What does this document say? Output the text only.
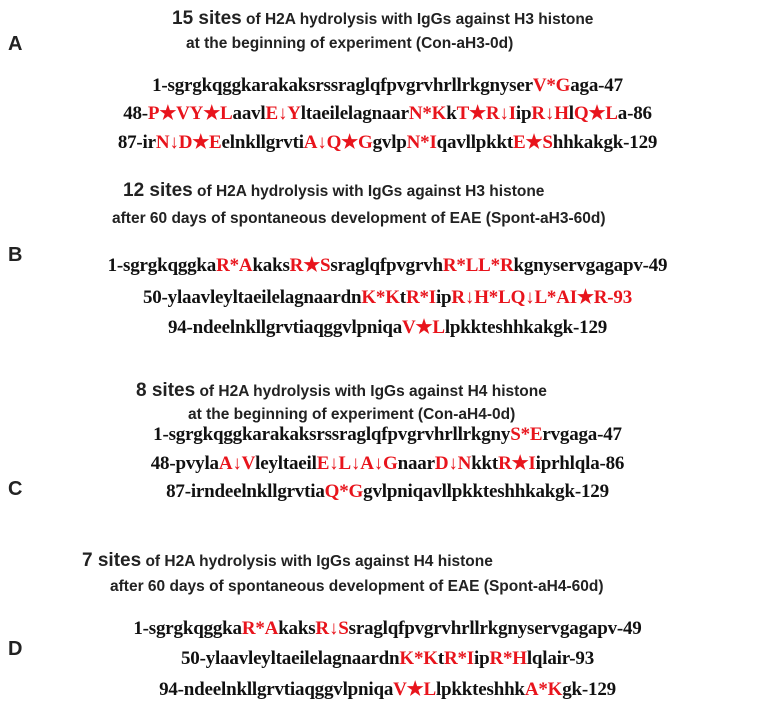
A
15 sites of H2A hydrolysis with IgGs against H3 histone
at the beginning of experiment (Con-aH3-0d)
1-sgrgkqggkarakaksrssraglqfpvgrvhrllrkgnyserV*Gaga-47
48-P★VY★LaavlE↓YltaeilelagnaarN*KkT★R↓IipR↓HlQ★La-86
87-irN↓D★EelnkllgrvtiA↓Q★GgvlpN*IqavllpkktE★Shhkakgk-129
B
12 sites of H2A hydrolysis with IgGs against H3 histone
after 60 days of spontaneous development of EAE (Spont-aH3-60d)
1-sgrgkqggkaR*AkaksR★SsraglqfpvgrvhR*LL*Rkgnyservgagapv-49
50-ylaavleyltaeilelagnaardnK*KtR*IipR↓H*LQ↓L*AI★R-93
94-ndeelnkllgrvtiaqggvlpniqaV★Llpkkteshhkakgk-129
C
8 sites of H2A hydrolysis with IgGs against H4 histone
at the beginning of experiment (Con-aH4-0d)
1-sgrgkqggkarakaksrssraglqfpvgrvhrllrkgnyS*Ervgaga-47
48-pvylaA↓VleyltaeilE↓L↓A↓GnaarD↓NkktR★Iiprhlqla-86
87-irndeelnkllgrvtiaQ*Ggvlpniqavllpkkteshhkakgk-129
D
7 sites of H2A hydrolysis with IgGs against H4 histone
after 60 days of spontaneous development of EAE (Spont-aH4-60d)
1-sgrgkqggkaR*AkaksR↓Ssraglqfpvgrvhrllrkgnyservgagapv-49
50-ylaavleyltaeilelagnaardnK*KtR*IipR*Hlqlair-93
94-ndeelnkllgrvtiaqggvlpniqaV★LlpkkteshhkA*Kgk-129
